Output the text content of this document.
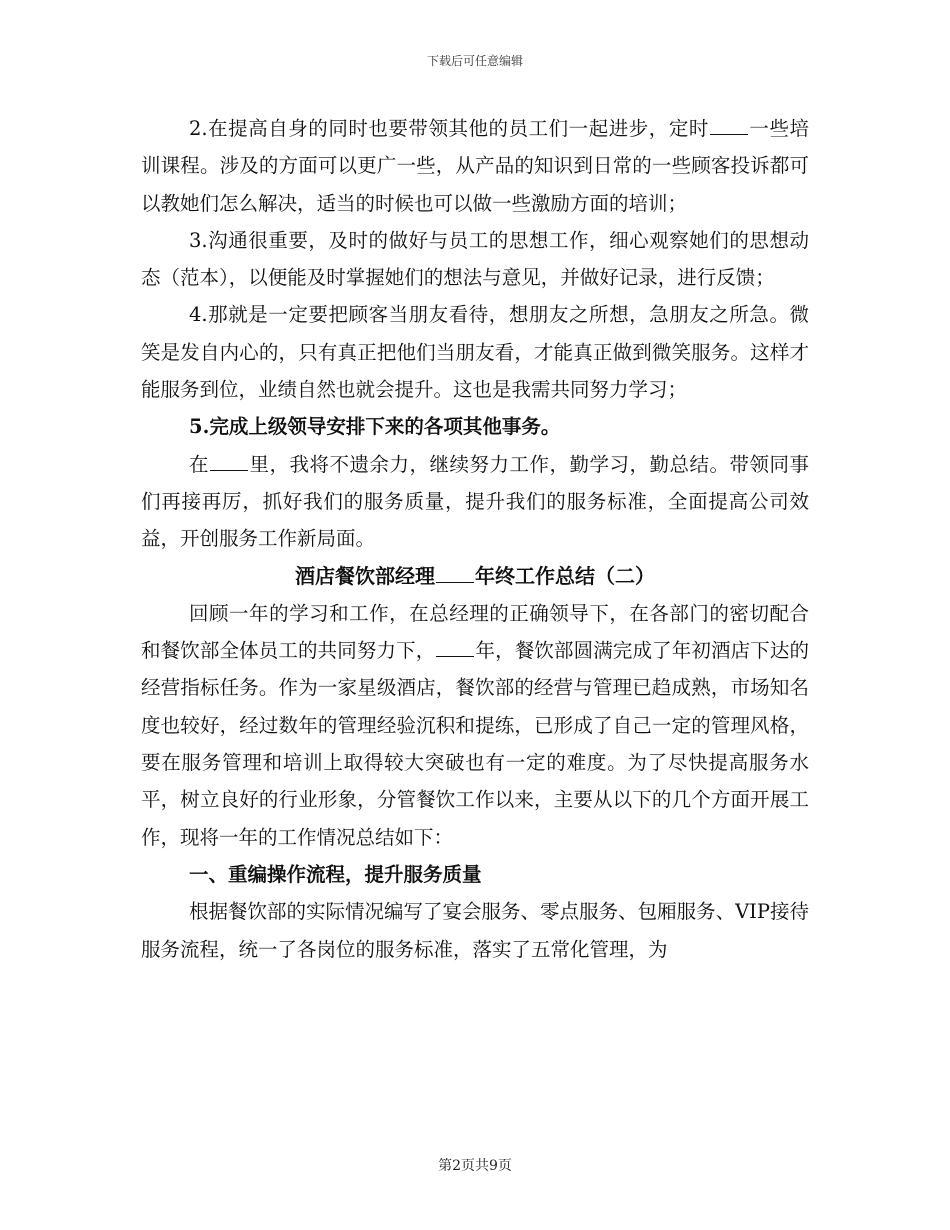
下载后可任意编辑

2.在提高自身的同时也要带领其他的员工们一起进步，定时 一些培训课程。涉及的方面可以更广一些，从产品的知识到日常的一些顾客投诉都可以教她们怎么解决，适当的时候也可以做一些激励方面的培训；

3.沟通很重要，及时的做好与员工的思想工作，细心观察她们的思想动态（范本），以便能及时掌握她们的想法与意见，并做好记录，进行反馈；

4.那就是一定要把顾客当朋友看待，想朋友之所想，急朋友之所急。微笑是发自内心的，只有真正把他们当朋友看，才能真正做到微笑服务。这样才能服务到位，业绩自然也就会提升。这也是我需共同努力学习；

5.完成上级领导安排下来的各项其他事务。

在 里，我将不遗余力，继续努力工作，勤学习，勤总结。带领同事们再接再厉，抓好我们的服务质量，提升我们的服务标准，全面提高公司效益，开创服务工作新局面。

酒店餐饮部经理 年终工作总结（二）

回顾一年的学习和工作，在总经理的正确领导下，在各部门的密切配合和餐饮部全体员工的共同努力下， 年，餐饮部圆满完成了年初酒店下达的经营指标任务。作为一家星级酒店，餐饮部的经营与管理已趋成熟，市场知名度也较好，经过数年的管理经验沉积和提练，已形成了自己一定的管理风格，要在服务管理和培训上取得较大突破也有一定的难度。为了尽快提高服务水平，树立良好的行业形象，分管餐饮工作以来，主要从以下的几个方面开展工作，现将一年的工作情况总结如下：

一、重编操作流程，提升服务质量

根据餐饮部的实际情况编写了宴会服务、零点服务、包厢服务、VIP接待服务流程，统一了各岗位的服务标准，落实了五常化管理，为

第2页共9页
